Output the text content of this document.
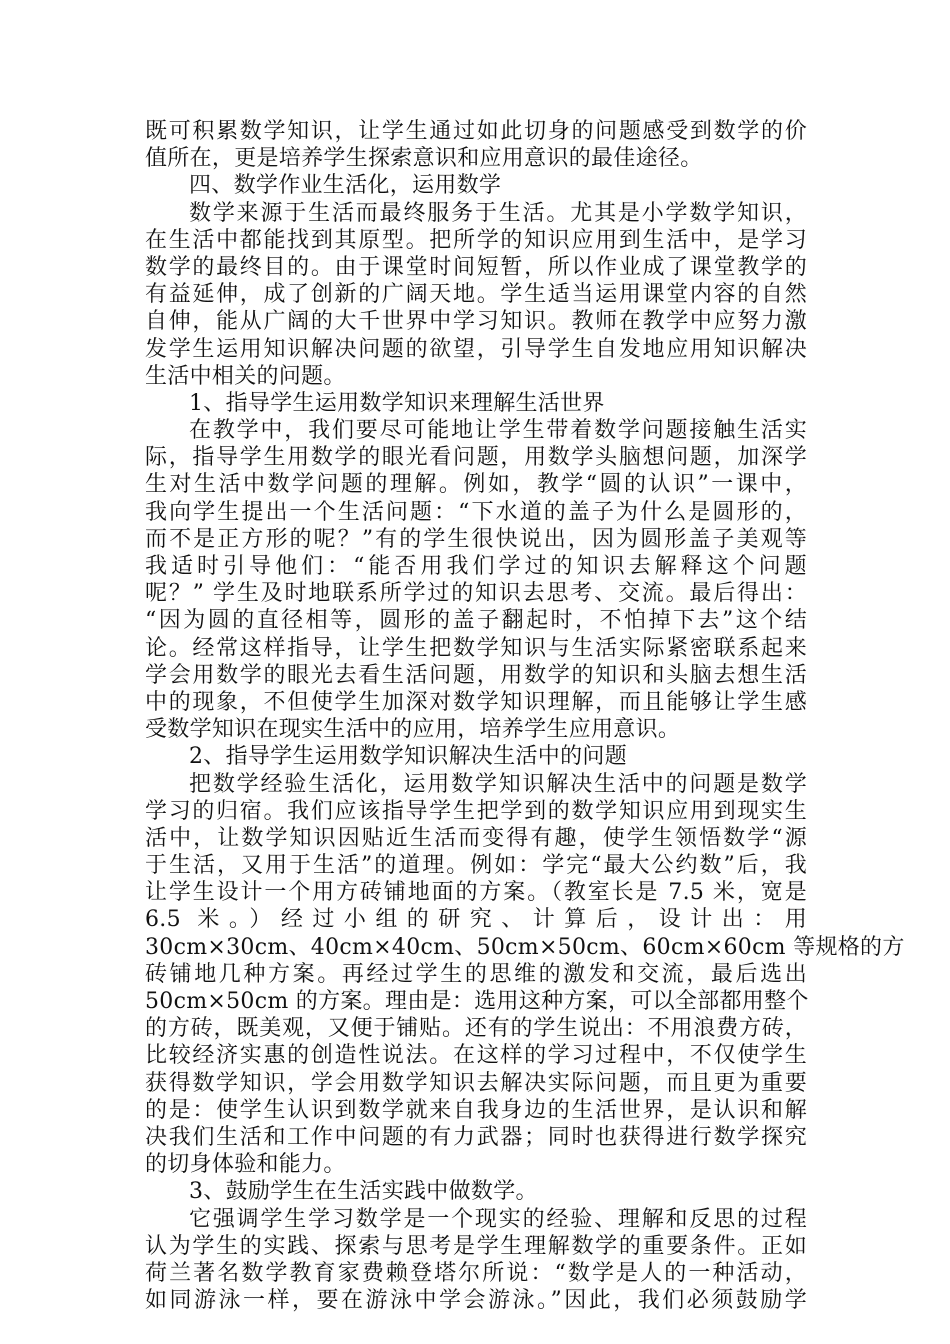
既可积累数学知识，让学生通过如此切身的问题感受到数学的价
值所在，更是培养学生探索意识和应用意识的最佳途径。
四、数学作业生活化，运用数学
数学来源于生活而最终服务于生活。尤其是小学数学知识，
在生活中都能找到其原型。把所学的知识应用到生活中，是学习
数学的最终目的。由于课堂时间短暂，所以作业成了课堂教学的
有益延伸，成了创新的广阔天地。学生适当运用课堂内容的自然
自伸，能从广阔的大千世界中学习知识。教师在教学中应努力激
发学生运用知识解决问题的欲望，引导学生自发地应用知识解决
生活中相关的问题。
1、指导学生运用数学知识来理解生活世界
在教学中，我们要尽可能地让学生带着数学问题接触生活实
际，指导学生用数学的眼光看问题，用数学头脑想问题，加深学
生对生活中数学问题的理解。例如，教学“圆的认识”一课中，
我向学生提出一个生活问题：“下水道的盖子为什么是圆形的，
而不是正方形的呢？”有的学生很快说出，因为圆形盖子美观等
我适时引导他们：“能否用我们学过的知识去解释这个问题
呢？” 学生及时地联系所学过的知识去思考、交流。最后得出：
“因为圆的直径相等，圆形的盖子翻起时，不怕掉下去”这个结
论。经常这样指导，让学生把数学知识与生活实际紧密联系起来
学会用数学的眼光去看生活问题，用数学的知识和头脑去想生活
中的现象，不但使学生加深对数学知识理解，而且能够让学生感
受数学知识在现实生活中的应用，培养学生应用意识。
2、指导学生运用数学知识解决生活中的问题
把数学经验生活化，运用数学知识解决生活中的问题是数学
学习的归宿。我们应该指导学生把学到的数学知识应用到现实生
活中，让数学知识因贴近生活而变得有趣，使学生领悟数学“源
于生活，又用于生活”的道理。例如：学完“最大公约数”后，我
让学生设计一个用方砖铺地面的方案。（教室长是 7.5 米，宽是
6.5 米。）经过小组的研究、计算后，设计出：用
30cm×30cm、40cm×40cm、50cm×50cm、60cm×60cm 等规格的方
砖铺地几种方案。再经过学生的思维的激发和交流，最后选出
50cm×50cm 的方案。理由是：选用这种方案，可以全部都用整个
的方砖，既美观，又便于铺贴。还有的学生说出：不用浪费方砖，
比较经济实惠的创造性说法。在这样的学习过程中，不仅使学生
获得数学知识，学会用数学知识去解决实际问题，而且更为重要
的是：使学生认识到数学就来自我身边的生活世界，是认识和解
决我们生活和工作中问题的有力武器；同时也获得进行数学探究
的切身体验和能力。
3、鼓励学生在生活实践中做数学。
它强调学生学习数学是一个现实的经验、理解和反思的过程
认为学生的实践、探索与思考是学生理解数学的重要条件。正如
荷兰著名数学教育家费赖登塔尔所说：“数学是人的一种活动，
如同游泳一样，要在游泳中学会游泳。”因此，我们必须鼓励学
